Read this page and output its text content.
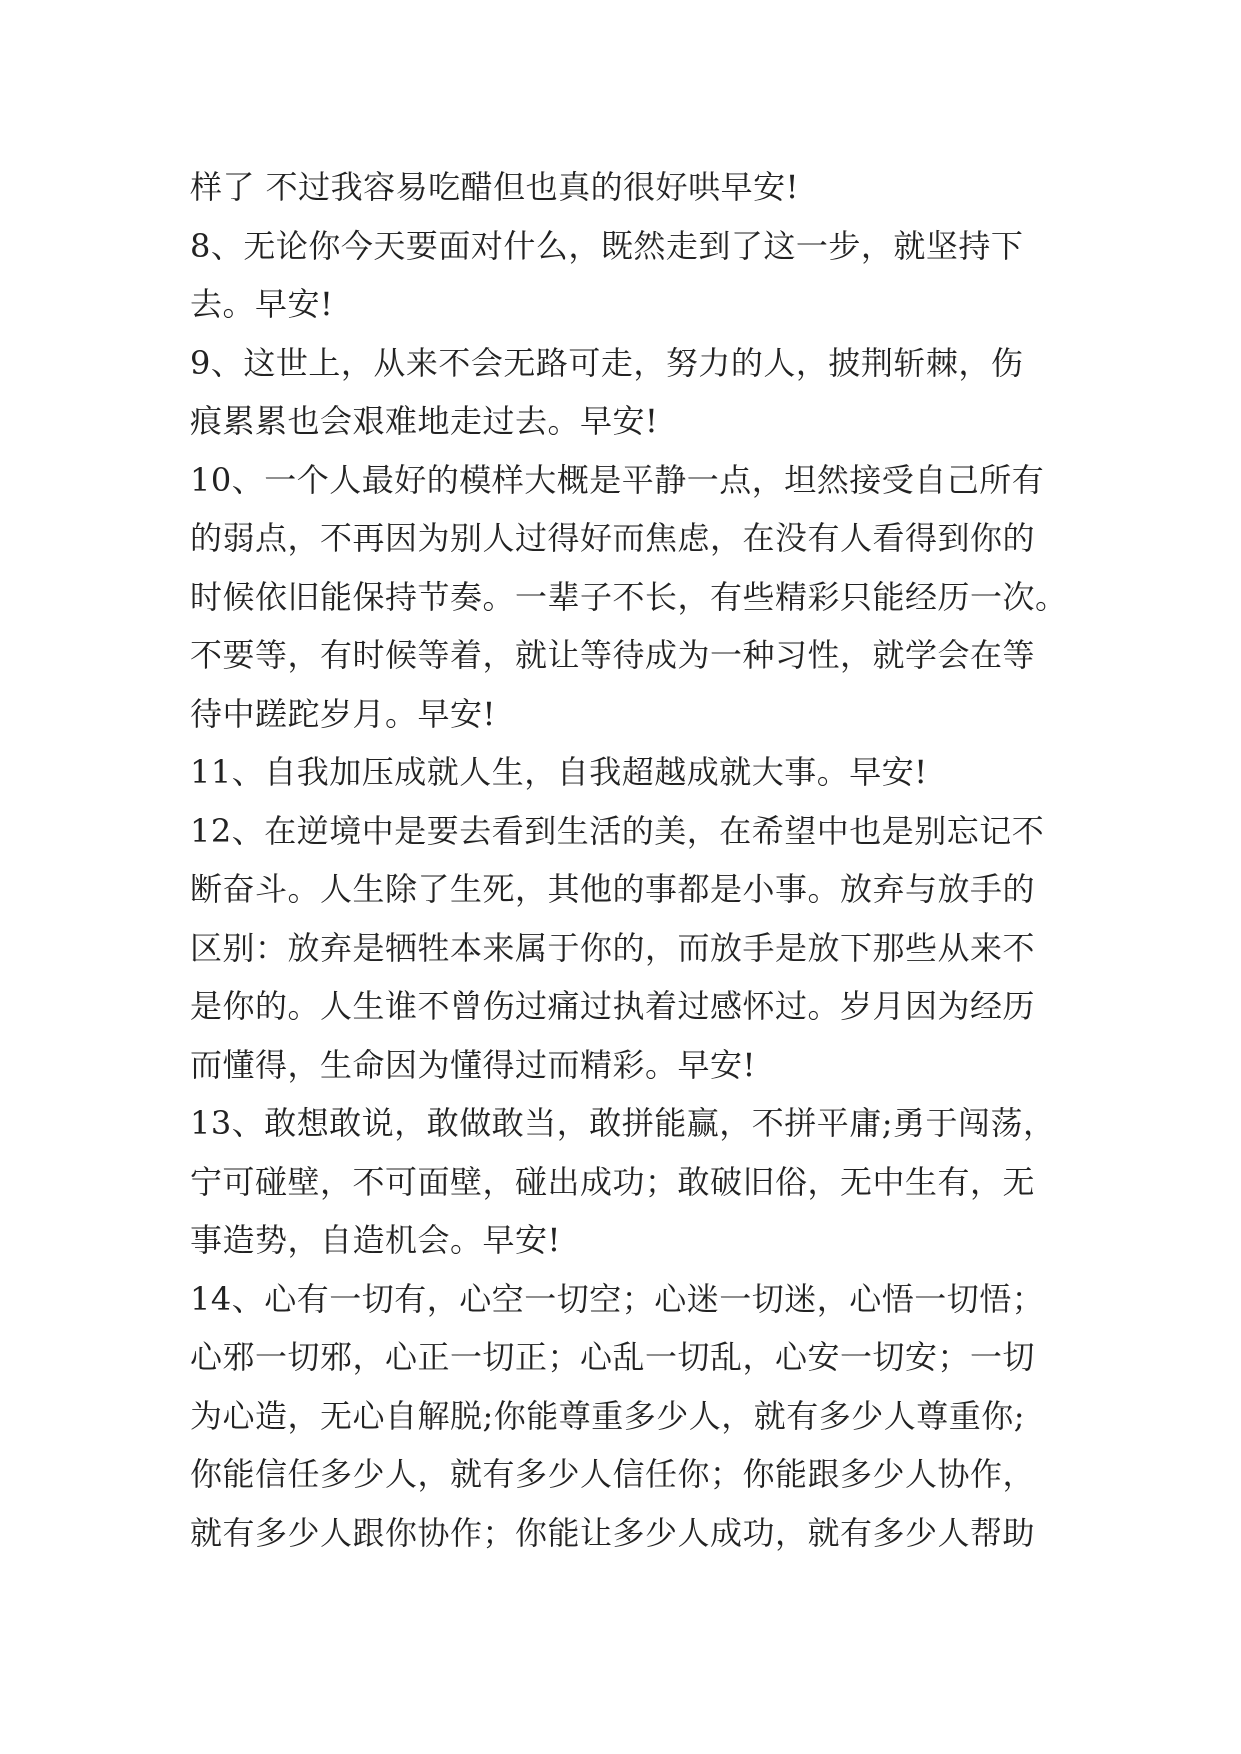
样了 不过我容易吃醋但也真的很好哄早安!
8、无论你今天要面对什么，既然走到了这一步，就坚持下
去。早安!
9、这世上，从来不会无路可走，努力的人，披荆斩棘，伤
痕累累也会艰难地走过去。早安!
10、一个人最好的模样大概是平静一点，坦然接受自己所有
的弱点，不再因为别人过得好而焦虑，在没有人看得到你的
时候依旧能保持节奏。一辈子不长，有些精彩只能经历一次。
不要等，有时候等着，就让等待成为一种习性，就学会在等
待中蹉跎岁月。早安!
11、自我加压成就人生，自我超越成就大事。早安!
12、在逆境中是要去看到生活的美，在希望中也是别忘记不
断奋斗。人生除了生死，其他的事都是小事。放弃与放手的
区别：放弃是牺牲本来属于你的，而放手是放下那些从来不
是你的。人生谁不曾伤过痛过执着过感怀过。岁月因为经历
而懂得，生命因为懂得过而精彩。早安!
13、敢想敢说，敢做敢当，敢拼能赢，不拼平庸;勇于闯荡，
宁可碰壁，不可面壁，碰出成功；敢破旧俗，无中生有，无
事造势，自造机会。早安!
14、心有一切有，心空一切空；心迷一切迷，心悟一切悟；
心邪一切邪，心正一切正；心乱一切乱，心安一切安；一切
为心造，无心自解脱;你能尊重多少人，就有多少人尊重你;
你能信任多少人，就有多少人信任你；你能跟多少人协作，
就有多少人跟你协作；你能让多少人成功，就有多少人帮助
